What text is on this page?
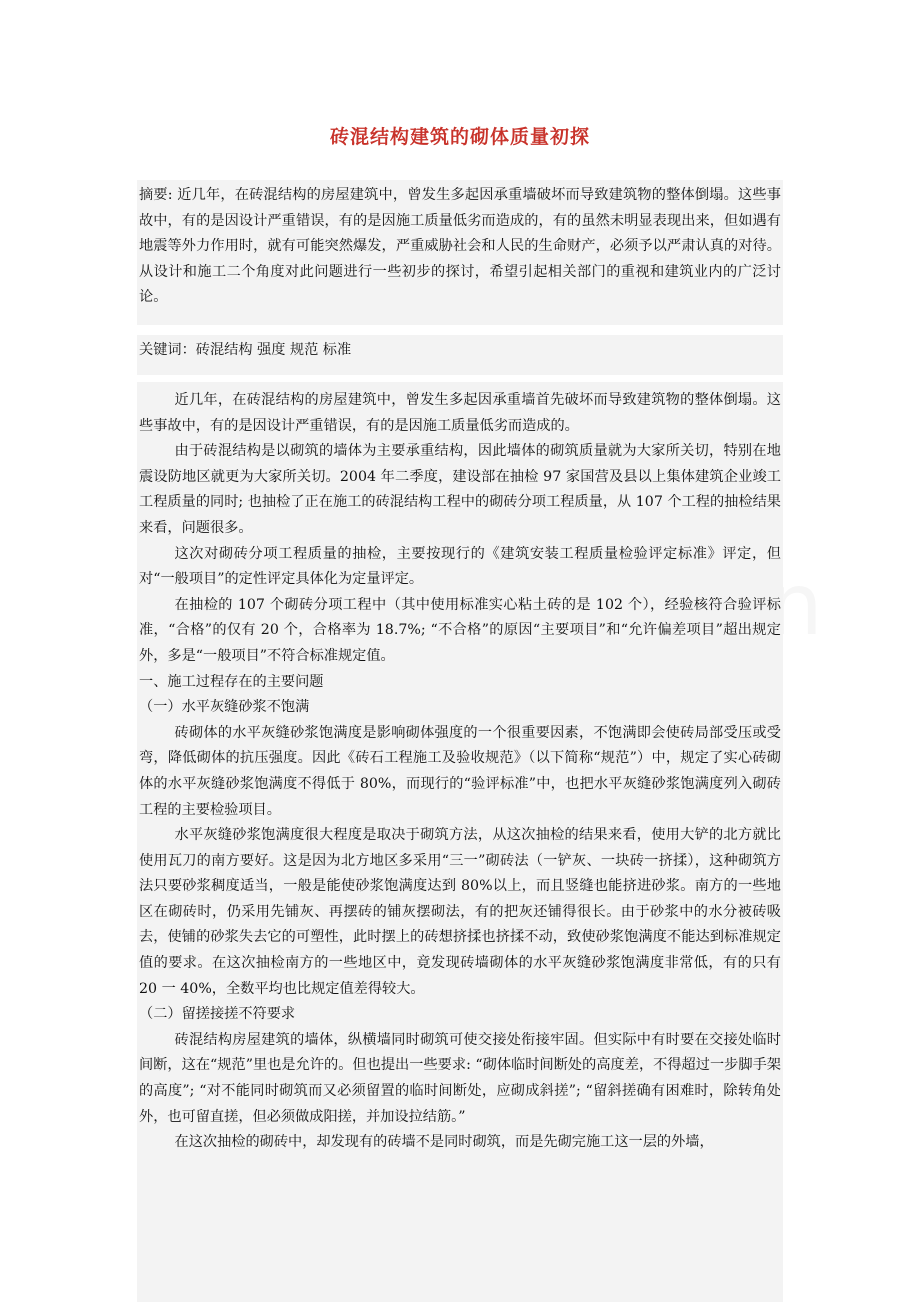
砖混结构建筑的砌体质量初探
摘要: 近几年，在砖混结构的房屋建筑中，曾发生多起因承重墙破坏而导致建筑物的整体倒塌。这些事故中，有的是因设计严重错误，有的是因施工质量低劣而造成的，有的虽然未明显表现出来，但如遇有地震等外力作用时，就有可能突然爆发，严重威胁社会和人民的生命财产，必须予以严肃认真的对待。从设计和施工二个角度对此问题进行一些初步的探讨，希望引起相关部门的重视和建筑业内的广泛讨论。
关键词：砖混结构 强度 规范 标准

近几年，在砖混结构的房屋建筑中，曾发生多起因承重墙首先破坏而导致建筑物的整体倒塌。这些事故中，有的是因设计严重错误，有的是因施工质量低劣而造成的。

由于砖混结构是以砌筑的墙体为主要承重结构，因此墙体的砌筑质量就为大家所关切，特别在地震设防地区就更为大家所关切。2004 年二季度，建设部在抽检 97 家国营及县以上集体建筑企业竣工工程质量的同时; 也抽检了正在施工的砖混结构工程中的砌砖分项工程质量，从 107 个工程的抽检结果来看，问题很多。

这次对砌砖分项工程质量的抽检，主要按现行的《建筑安装工程质量检验评定标准》评定，但对“一般项目”的定性评定具体化为定量评定。

在抽检的 107 个砌砖分项工程中（其中使用标准实心粘土砖的是 102 个），经验核符合验评标准，“合格”的仅有 20 个，合格率为 18.7%; “不合格”的原因“主要项目”和“允许偏差项目”超出规定外，多是“一般项目”不符合标准规定值。

一、施工过程存在的主要问题

（一）水平灰缝砂浆不饱满

砖砌体的水平灰缝砂浆饱满度是影响砌体强度的一个很重要因素，不饱满即会使砖局部受压或受弯，降低砌体的抗压强度。因此《砖石工程施工及验收规范》（以下简称“规范”）中，规定了实心砖砌体的水平灰缝砂浆饱满度不得低于 80%，而现行的“验评标准”中，也把水平灰缝砂浆饱满度列入砌砖工程的主要检验项目。

水平灰缝砂浆饱满度很大程度是取决于砌筑方法，从这次抽检的结果来看，使用大铲的北方就比使用瓦刀的南方要好。这是因为北方地区多采用“三一”砌砖法（一铲灰、一块砖一挤揉），这种砌筑方法只要砂浆稠度适当，一般是能使砂浆饱满度达到 80%以上，而且竖缝也能挤进砂浆。南方的一些地区在砌砖时，仍采用先铺灰、再摆砖的铺灰摆砌法，有的把灰还铺得很长。由于砂浆中的水分被砖吸去，使铺的砂浆失去它的可塑性，此时摆上的砖想挤揉也挤揉不动，致使砂浆饱满度不能达到标准规定值的要求。在这次抽检南方的一些地区中，竟发现砖墙砌体的水平灰缝砂浆饱满度非常低，有的只有 20 一 40%，全数平均也比规定值差得较大。

（二）留搓接搓不符要求

砖混结构房屋建筑的墙体，纵横墙同时砌筑可使交接处衔接牢固。但实际中有时要在交接处临时间断，这在“规范”里也是允许的。但也提出一些要求: “砌体临时间断处的高度差，不得超过一步脚手架的高度”; “对不能同时砌筑而又必须留置的临时间断处，应砌成斜搓”; “留斜搓确有困难时，除转角处外，也可留直搓，但必须做成阳搓，并加设拉结筋。”

在这次抽检的砌砖中，却发现有的砖墙不是同时砌筑，而是先砌完施工这一层的外墙，
